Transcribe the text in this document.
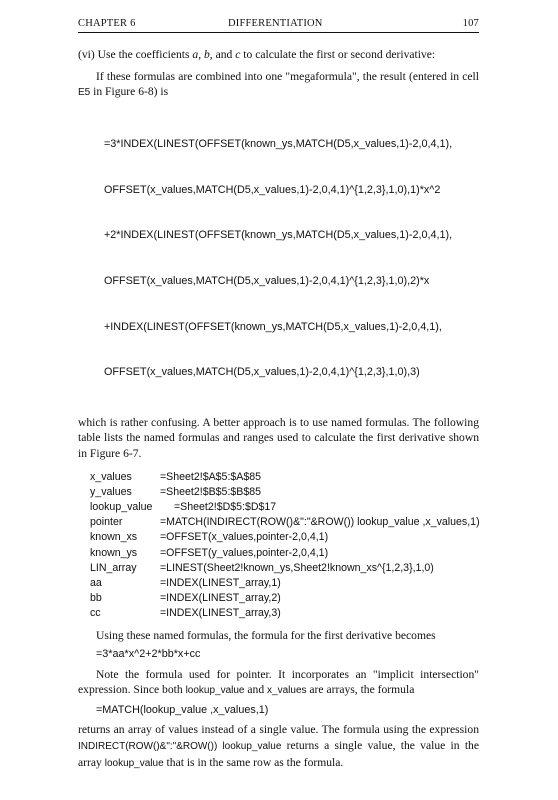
CHAPTER 6	DIFFERENTIATION	107

(vi) Use the coefficients a, b, and c to calculate the first or second derivative:

If these formulas are combined into one "megaformula", the result (entered in cell E5 in Figure 6-8) is

=3*INDEX(LINEST(OFFSET(known_ys,MATCH(D5,x_values,1)-2,0,4,1),

OFFSET(x_values,MATCH(D5,x_values,1)-2,0,4,1)^{1,2,3},1,0),1)*x^2

+2*INDEX(LINEST(OFFSET(known_ys,MATCH(D5,x_values,1)-2,0,4,1),

OFFSET(x_values,MATCH(D5,x_values,1)-2,0,4,1)^{1,2,3},1,0),2)*x

+INDEX(LINEST(OFFSET(known_ys,MATCH(D5,x_values,1)-2,0,4,1),

OFFSET(x_values,MATCH(D5,x_values,1)-2,0,4,1)^{1,2,3},1,0),3)

which is rather confusing. A better approach is to use named formulas. The following table lists the named formulas and ranges used to calculate the first derivative shown in Figure 6-7.

x_values	=Sheet2!$A$5:$A$85
y_values	=Sheet2!$B$5:$B$85
lookup_value =Sheet2!$D$5:$D$17
pointer	=MATCH(INDIRECT(ROW()&":"&ROW()) lookup_value ,x_values,1)
known_xs =OFFSET(x_values,pointer-2,0,4,1)
known_ys =OFFSET(y_values,pointer-2,0,4,1)
LIN_array =LINEST(Sheet2!known_ys,Sheet2!known_xs^{1,2,3},1,0)
aa	=INDEX(LINEST_array,1)
bb	=INDEX(LINEST_array,2)
cc	=INDEX(LINEST_array,3)

Using these named formulas, the formula for the first derivative becomes

=3*aa*x^2+2*bb*x+cc

Note the formula used for pointer. It incorporates an "implicit intersection" expression. Since both lookup_value and x_values are arrays, the formula

=MATCH(lookup_value ,x_values,1)

returns an array of values instead of a single value. The formula using the expression INDIRECT(ROW()&":"&ROW()) lookup_value returns a single value, the value in the array lookup_value that is in the same row as the formula.
